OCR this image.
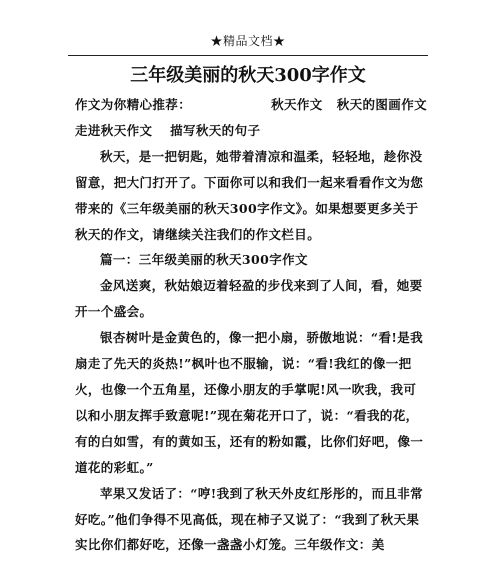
★精品文档★
三年级美丽的秋天300字作文
作文为你精心推荐：	秋天作文 秋天的图画作文
走进秋天作文　 描写秋天的句子

秋天，是一把钥匙，她带着清凉和温柔，轻轻地，趁你没留意，把大门打开了。下面你可以和我们一起来看看作文为您带来的《三年级美丽的秋天300字作文》。如果想要更多关于秋天的作文，请继续关注我们的作文栏目。

篇一：三年级美丽的秋天300字作文

金风送爽，秋姑娘迈着轻盈的步伐来到了人间，看，她要开一个盛会。

银杏树叶是金黄色的，像一把小扇，骄傲地说：“看!是我扇走了先天的炎热!”枫叶也不服输，说：“看!我红的像一把火，也像一个五角星，还像小朋友的手掌呢!风一吹我，我可以和小朋友挥手致意呢!”现在菊花开口了，说：“看我的花，有的白如雪，有的黄如玉，还有的粉如霞，比你们好吧，像一道花的彩虹。”

苹果又发话了：“哼!我到了秋天外皮红彤彤的，而且非常好吃。”他们争得不见高低，现在柿子又说了：“我到了秋天果实比你们都好吃，还像一盏盏小灯笼。三年级作文：美
